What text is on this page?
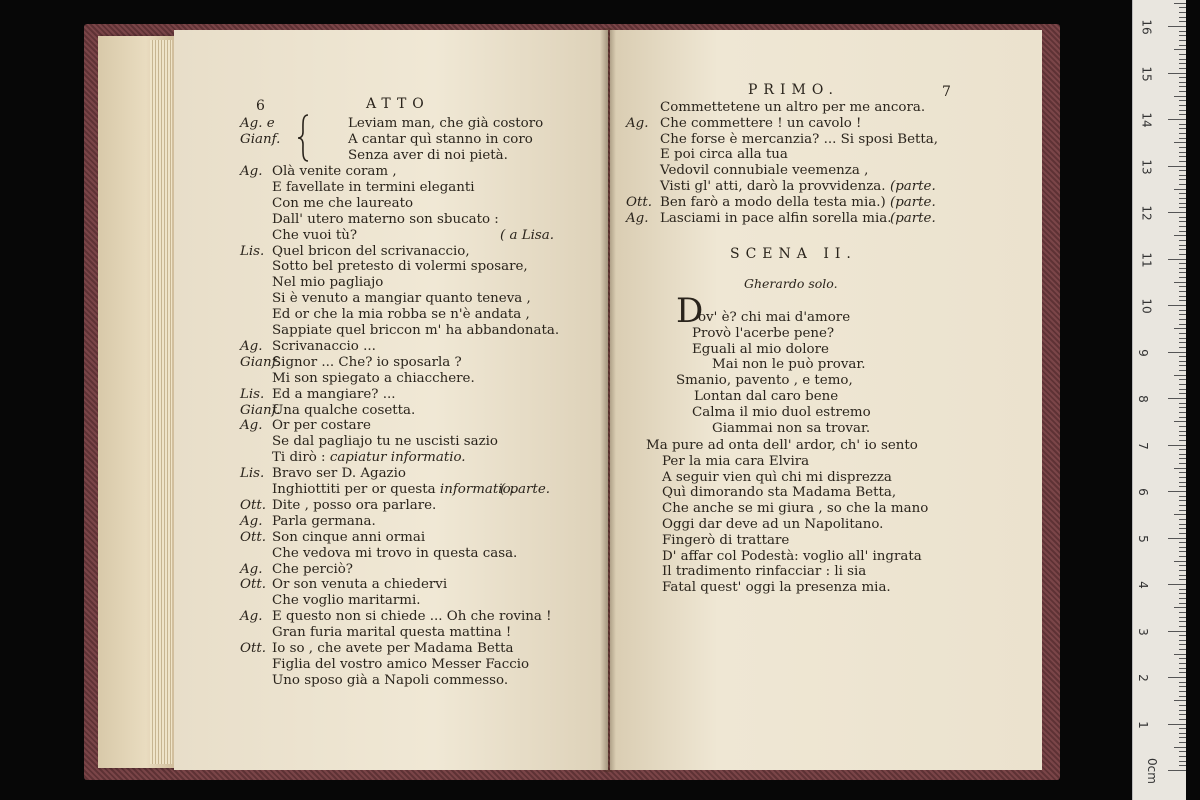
6	ATTO
Ag. e
Gianf.
Leviam man, che già costoro
A cantar quì stanno in coro
Senza aver di noi pietà.
Ag. Olà venite coram ,
E favellate in termini eleganti
Con me che laureato
Dall' utero materno son sbucato :
Che vuoi tù?	( a Lisa.
Lis. Quel bricon del scrivanaccio,
Sotto bel pretesto di volermi sposare,
Nel mio pagliajo
Si è venuto a mangiar quanto teneva ,
Ed or che la mia robba se n'è andata ,
Sappiate quel briccon m' ha abbandonata.
Ag. Scrivanaccio ...
Gianf.
Signor ... Che? io sposarla ?
Mi son spiegato a chiacchere.
Lis. Ed a mangiare? ...
Gianf.
Una qualche cosetta.
Ag. Or per costare
Se dal pagliajo tu ne uscisti sazio
Ti dirò : capiatur informatio.
Lis. Bravo ser D. Agazio
Inghiottiti per or questa informatio.
( parte.
Ott. Dite , posso ora parlare.
Ag. Parla germana.
Ott. Son cinque anni ormai
Che vedova mi trovo in questa casa.
Ag. Che perciò?
Ott. Or son venuta a chiedervi
Che voglio maritarmi.
Ag. E questo non si chiede ... Oh che rovina !
Gran furia marital questa mattina !
Ott. Io so , che avete per Madama Betta
Figlia del vostro amico Messer Faccio
Uno sposo già a Napoli commesso.
PRIMO.	7
Commettetene un altro per me ancora.
Ag. Che commettere ! un cavolo !
Che forse è mercanzia? ... Si sposi Betta,
E poi circa alla tua
Vedovil connubiale veemenza ,
Visti gl' atti, darò la provvidenza. (parte.
Ott. Ben farò a modo della testa mia.) (parte.
Ag. Lasciami in pace alfin sorella mia.
(parte.
SCENA II.
Gherardo solo.
D
ov' è? chi mai d'amore
Provò l'acerbe pene?
Eguali al mio dolore
Mai non le può provar.
Smanio, pavento , e temo,
Lontan dal caro bene
Calma il mio duol estremo
Giammai non sa trovar.
Ma pure ad onta dell' ardor, ch' io sento
Per la mia cara Elvira
A seguir vien quì chi mi disprezza
Quì dimorando sta Madama Betta,
Che anche se mi giura , so che la mano
Oggi dar deve ad un Napolitano.
Fingerò di trattare
D' affar col Podestà: voglio all' ingrata
Il tradimento rinfacciar : li sia
Fatal quest' oggi la presenza mia.
16
15
14
13
12
11
10
9
8
7
6
5
4
3
2
1
0cm
